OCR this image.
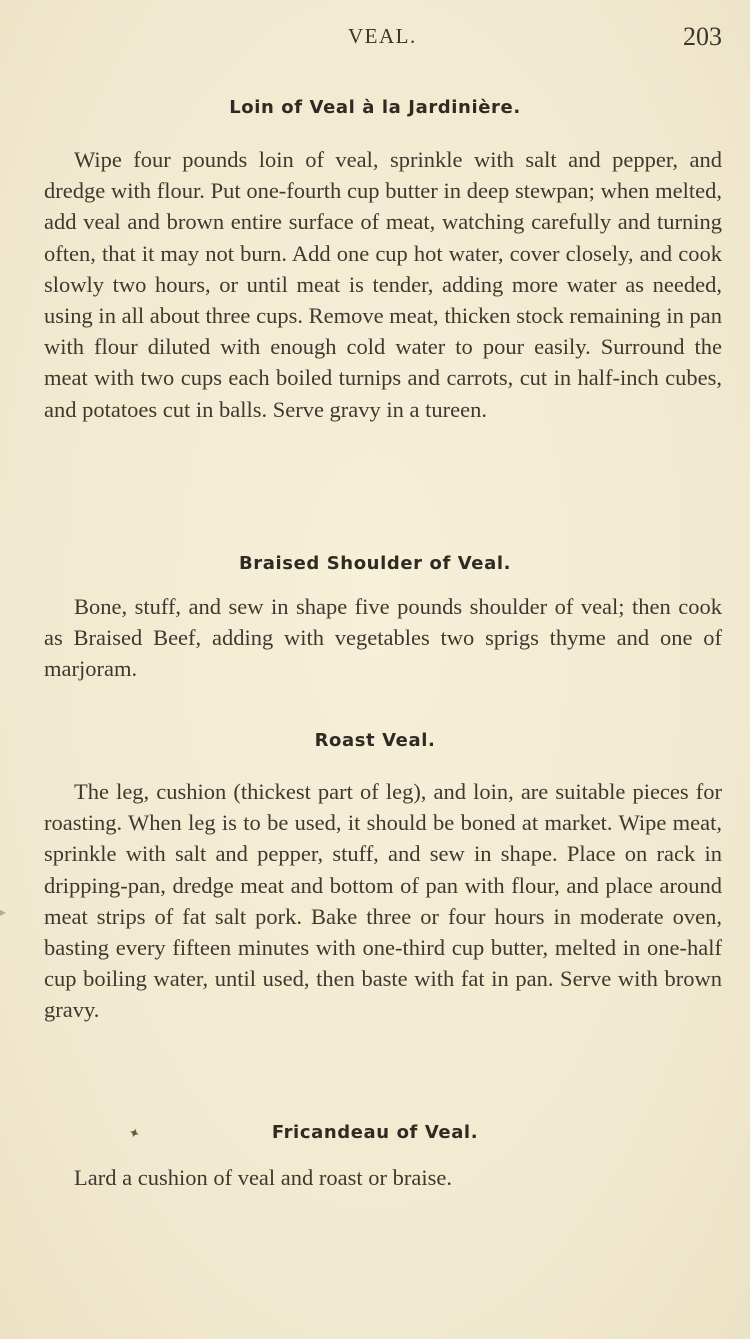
VEAL.	203
Loin of Veal à la Jardinière.

Wipe four pounds loin of veal, sprinkle with salt and pepper, and dredge with flour. Put one-fourth cup butter in deep stewpan; when melted, add veal and brown entire surface of meat, watching carefully and turning often, that it may not burn. Add one cup hot water, cover closely, and cook slowly two hours, or until meat is tender, adding more water as needed, using in all about three cups. Remove meat, thicken stock remaining in pan with flour diluted with enough cold water to pour easily. Surround the meat with two cups each boiled turnips and carrots, cut in half-inch cubes, and potatoes cut in balls. Serve gravy in a tureen.

Braised Shoulder of Veal.

Bone, stuff, and sew in shape five pounds shoulder of veal; then cook as Braised Beef, adding with vegetables two sprigs thyme and one of marjoram.

Roast Veal.

The leg, cushion (thickest part of leg), and loin, are suitable pieces for roasting. When leg is to be used, it should be boned at market. Wipe meat, sprinkle with salt and pepper, stuff, and sew in shape. Place on rack in dripping-pan, dredge meat and bottom of pan with flour, and place around meat strips of fat salt pork. Bake three or four hours in moderate oven, basting every fifteen minutes with one-third cup butter, melted in one-half cup boiling water, until used, then baste with fat in pan. Serve with brown gravy.

Fricandeau of Veal.

Lard a cushion of veal and roast or braise.

✦
▸
